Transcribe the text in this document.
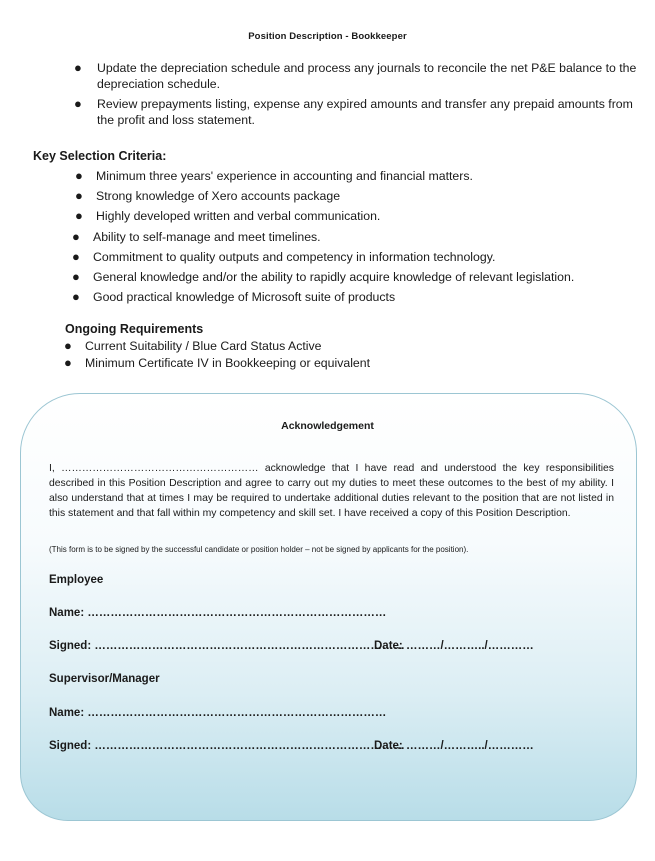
Position Description - Bookkeeper
● Update the depreciation schedule and process any journals to reconcile the net P&E balance to the depreciation schedule.
● Review prepayments listing, expense any expired amounts and transfer any prepaid amounts from the profit and loss statement.
Key Selection Criteria:
● Minimum three years' experience in accounting and financial matters.
● Strong knowledge of Xero accounts package
● Highly developed written and verbal communication.
● Ability to self-manage and meet timelines.
● Commitment to quality outputs and competency in information technology.
● General knowledge and/or the ability to rapidly acquire knowledge of relevant legislation.
● Good practical knowledge of Microsoft suite of products
Ongoing Requirements
● Current Suitability / Blue Card Status Active
● Minimum Certificate IV in Bookkeeping or equivalent
Acknowledgement
I, ………………………………………………… acknowledge that I have read and understood the key responsibilities described in this Position Description and agree to carry out my duties to meet these outcomes to the best of my ability. I also understand that at times I may be required to undertake additional duties relevant to the position that are not listed in this statement and that fall within my competency and skill set. I have received a copy of this Position Description.
(This form is to be signed by the successful candidate or position holder – not be signed by applicants for the position).
Employee
Name: ……………………………………………………………………
Signed: ………………………………………………………………………
Date: ………/………../…………
Supervisor/Manager
Name: ……………………………………………………………………
Signed: ………………………………………………………………………
Date: ………/………../…………
